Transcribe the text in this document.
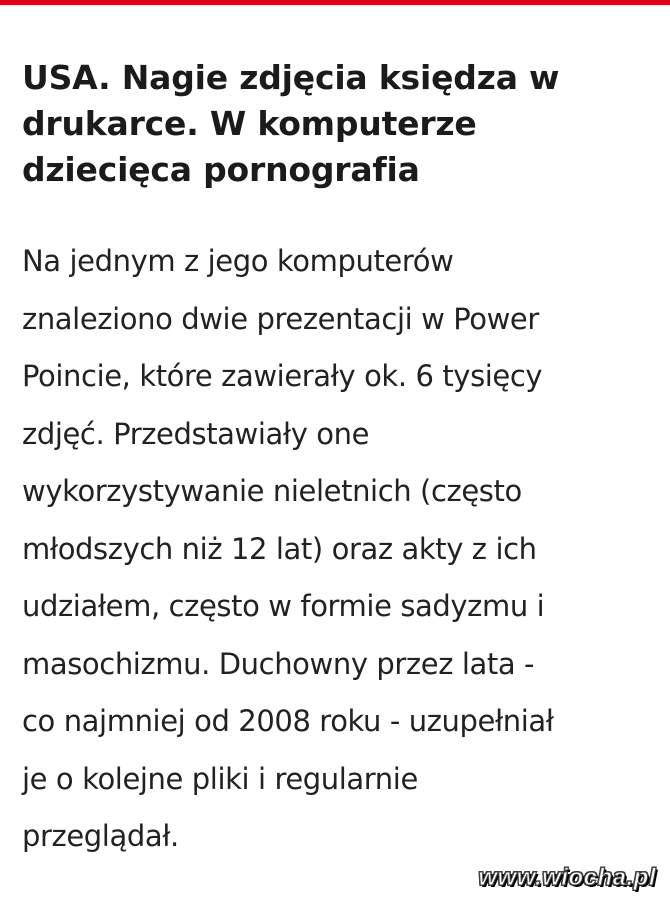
USA. Nagie zdjęcia księdza w
drukarce. W komputerze
dziecięca pornografia

Na jednym z jego komputerów
znaleziono dwie prezentacji w Power
Poincie, które zawierały ok. 6 tysięcy
zdjęć. Przedstawiały one
wykorzystywanie nieletnich (często
młodszych niż 12 lat) oraz akty z ich
udziałem, często w formie sadyzmu i
masochizmu. Duchowny przez lata -
co najmniej od 2008 roku - uzupełniał
je o kolejne pliki i regularnie
przeglądał.

www.wiocha.pl
